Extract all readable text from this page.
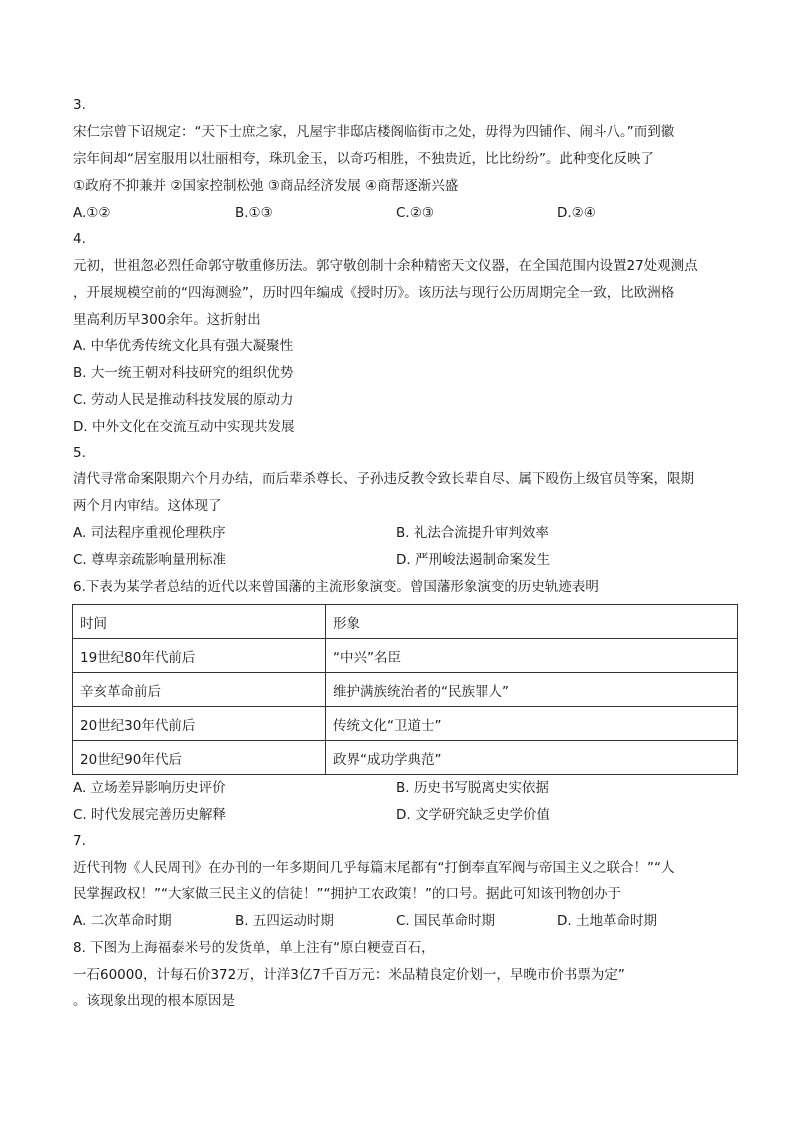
3.
宋仁宗曾下诏规定：“天下士庶之家，凡屋宇非邸店楼阁临街市之处，毋得为四铺作、闹斗八。”而到徽
宗年间却“居室服用以壮丽相夸，珠玑金玉，以奇巧相胜，不独贵近，比比纷纷”。此种变化反映了
①政府不抑兼并 ②国家控制松弛 ③商品经济发展 ④商帮逐渐兴盛
A.①②	B.①③	C.②③	D.②④
4.
元初，世祖忽必烈任命郭守敬重修历法。郭守敬创制十余种精密天文仪器，在全国范围内设置27处观测点
，开展规模空前的“四海测验”，历时四年编成《授时历》。该历法与现行公历周期完全一致，比欧洲格
里高利历早300余年。这折射出
A. 中华优秀传统文化具有强大凝聚性
B. 大一统王朝对科技研究的组织优势
C. 劳动人民是推动科技发展的原动力
D. 中外文化在交流互动中实现共发展
5.
清代寻常命案限期六个月办结，而后辈杀尊长、子孙违反教令致长辈自尽、属下殴伤上级官员等案，限期
两个月内审结。这体现了
A. 司法程序重视伦理秩序	B. 礼法合流提升审判效率
C. 尊卑亲疏影响量刑标准	D. 严刑峻法遏制命案发生
6.下表为某学者总结的近代以来曾国藩的主流形象演变。曾国藩形象演变的历史轨迹表明
时间	形象
19世纪80年代前后	“中兴”名臣
辛亥革命前后	维护满族统治者的“民族罪人”
20世纪30年代前后	传统文化“卫道士”
20世纪90年代后	政界“成功学典范”
A. 立场差异影响历史评价	B. 历史书写脱离史实依据
C. 时代发展完善历史解释	D. 文学研究缺乏史学价值
7.
近代刊物《人民周刊》在办刊的一年多期间几乎每篇末尾都有“打倒奉直军阀与帝国主义之联合！”“人
民掌握政权！”“大家做三民主义的信徒！”“拥护工农政策！”的口号。据此可知该刊物创办于
A. 二次革命时期	B. 五四运动时期	C. 国民革命时期	D. 土地革命时期
8. 下图为上海福泰米号的发货单，单上注有“原白粳壹百石，
一石60000，计每石价372万，计洋3亿7千百万元：米品精良定价划一，早晚市价书票为定”
。该现象出现的根本原因是
